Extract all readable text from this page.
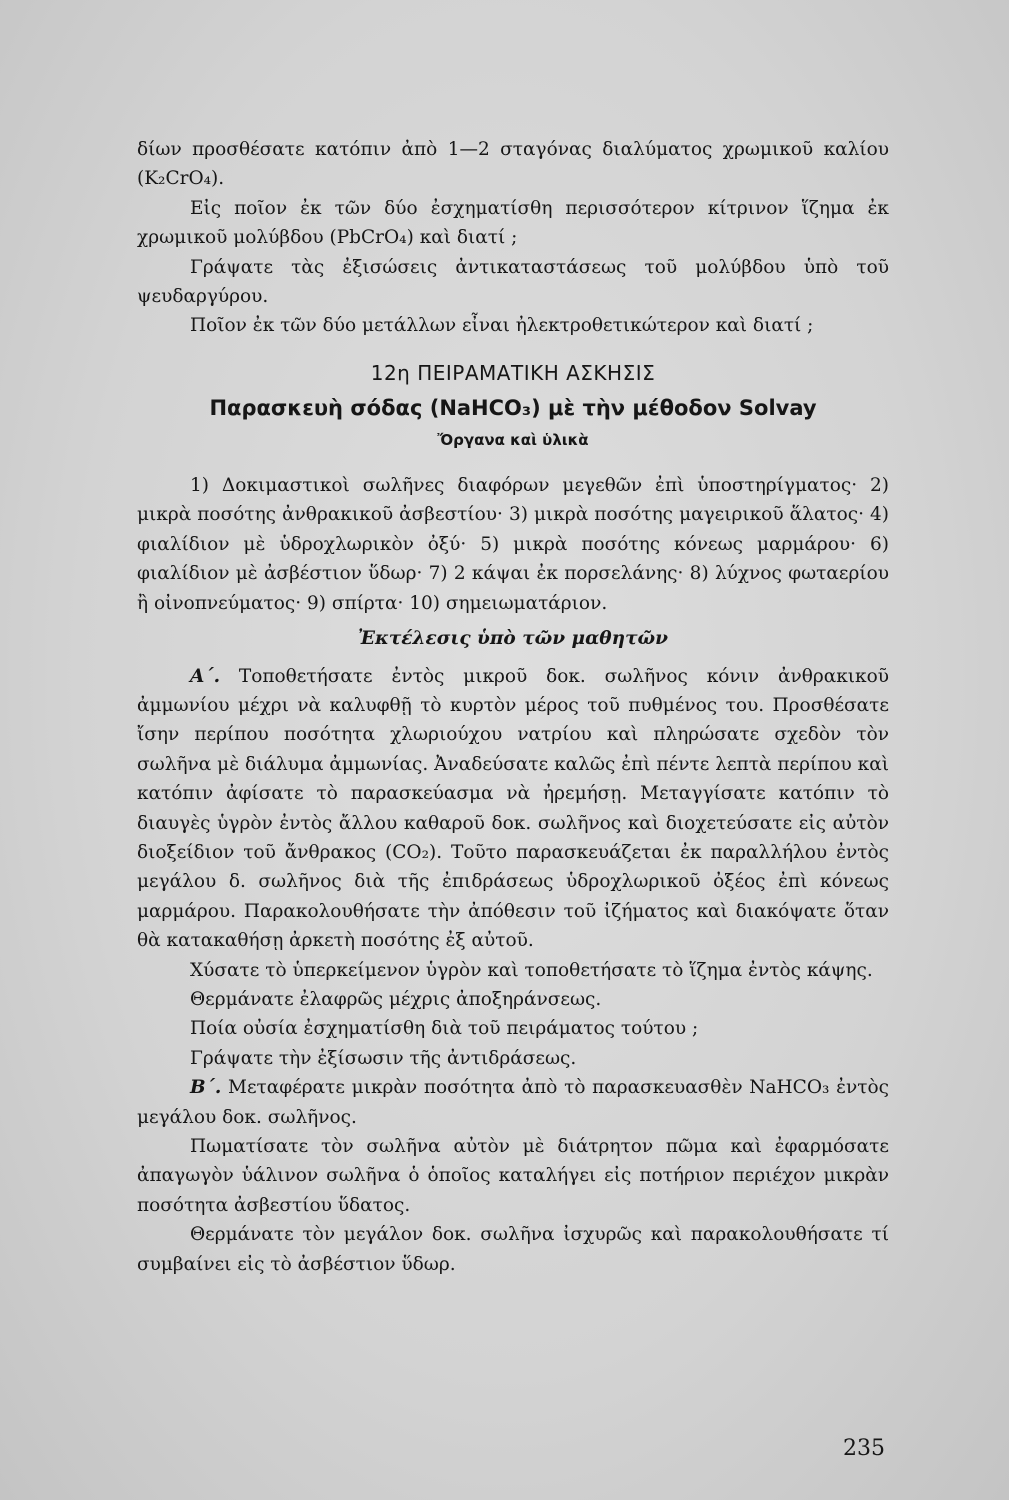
δίων προσθέσατε κατόπιν ἀπὸ 1—2 σταγόνας διαλύματος χρωμικοῦ καλίου (K₂CrO₄).

Εἰς ποῖον ἐκ τῶν δύο ἐσχηματίσθη περισσότερον κίτρινον ἵζημα ἐκ χρωμικοῦ μολύβδου (PbCrO₄) καὶ διατί ;

Γράψατε τὰς ἐξισώσεις ἀντικαταστάσεως τοῦ μολύβδου ὑπὸ τοῦ ψευδαργύρου.

Ποῖον ἐκ τῶν δύο μετάλλων εἶναι ἠλεκτροθετικώτερον καὶ διατί ;

12η ΠΕΙΡΑΜΑΤΙΚΗ ΑΣΚΗΣΙΣ
Παρασκευὴ σόδας (NaHCO₃) μὲ τὴν μέθοδον Solvay
Ὄργανα καὶ ὑλικὰ

1) Δοκιμαστικοὶ σωλῆνες διαφόρων μεγεθῶν ἐπὶ ὑποστηρίγματος· 2) μικρὰ ποσότης ἀνθρακικοῦ ἀσβεστίου· 3) μικρὰ ποσότης μαγειρικοῦ ἅλατος· 4) φιαλίδιον μὲ ὑδροχλωρικὸν ὀξύ· 5) μικρὰ ποσότης κόνεως μαρμάρου· 6) φιαλίδιον μὲ ἀσβέστιον ὕδωρ· 7) 2 κάψαι ἐκ πορσελάνης· 8) λύχνος φωταερίου ἢ οἰνοπνεύματος· 9) σπίρτα· 10) σημειωματάριον.

Ἐκτέλεσις ὑπὸ τῶν μαθητῶν

Α΄. Τοποθετήσατε ἐντὸς μικροῦ δοκ. σωλῆνος κόνιν ἀνθρακικοῦ ἀμμωνίου μέχρι νὰ καλυφθῇ τὸ κυρτὸν μέρος τοῦ πυθμένος του. Προσθέσατε ἴσην περίπου ποσότητα χλωριούχου νατρίου καὶ πληρώσατε σχεδὸν τὸν σωλῆνα μὲ διάλυμα ἀμμωνίας. Ἀναδεύσατε καλῶς ἐπὶ πέντε λεπτὰ περίπου καὶ κατόπιν ἀφίσατε τὸ παρασκεύασμα νὰ ἠρεμήσῃ. Μεταγγίσατε κατόπιν τὸ διαυγὲς ὑγρὸν ἐντὸς ἄλλου καθαροῦ δοκ. σωλῆνος καὶ διοχετεύσατε εἰς αὐτὸν διοξείδιον τοῦ ἄνθρακος (CO₂). Τοῦτο παρασκευάζεται ἐκ παραλλήλου ἐντὸς μεγάλου δ. σωλῆνος διὰ τῆς ἐπιδράσεως ὑδροχλωρικοῦ ὀξέος ἐπὶ κόνεως μαρμάρου. Παρακολουθήσατε τὴν ἀπόθεσιν τοῦ ἰζήματος καὶ διακόψατε ὅταν θὰ κατακαθήσῃ ἀρκετὴ ποσότης ἐξ αὐτοῦ.

Χύσατε τὸ ὑπερκείμενον ὑγρὸν καὶ τοποθετήσατε τὸ ἵζημα ἐντὸς κάψης.

Θερμάνατε ἐλαφρῶς μέχρις ἀποξηράνσεως.

Ποία οὐσία ἐσχηματίσθη διὰ τοῦ πειράματος τούτου ;

Γράψατε τὴν ἐξίσωσιν τῆς ἀντιδράσεως.

Β΄. Μεταφέρατε μικρὰν ποσότητα ἀπὸ τὸ παρασκευασθὲν NaHCO₃ ἐντὸς μεγάλου δοκ. σωλῆνος.

Πωματίσατε τὸν σωλῆνα αὐτὸν μὲ διάτρητον πῶμα καὶ ἐφαρμόσατε ἀπαγωγὸν ὑάλινον σωλῆνα ὁ ὁποῖος καταλήγει εἰς ποτήριον περιέχον μικρὰν ποσότητα ἀσβεστίου ὕδατος.

Θερμάνατε τὸν μεγάλον δοκ. σωλῆνα ἰσχυρῶς καὶ παρακολουθήσατε τί συμβαίνει εἰς τὸ ἀσβέστιον ὕδωρ.

235
